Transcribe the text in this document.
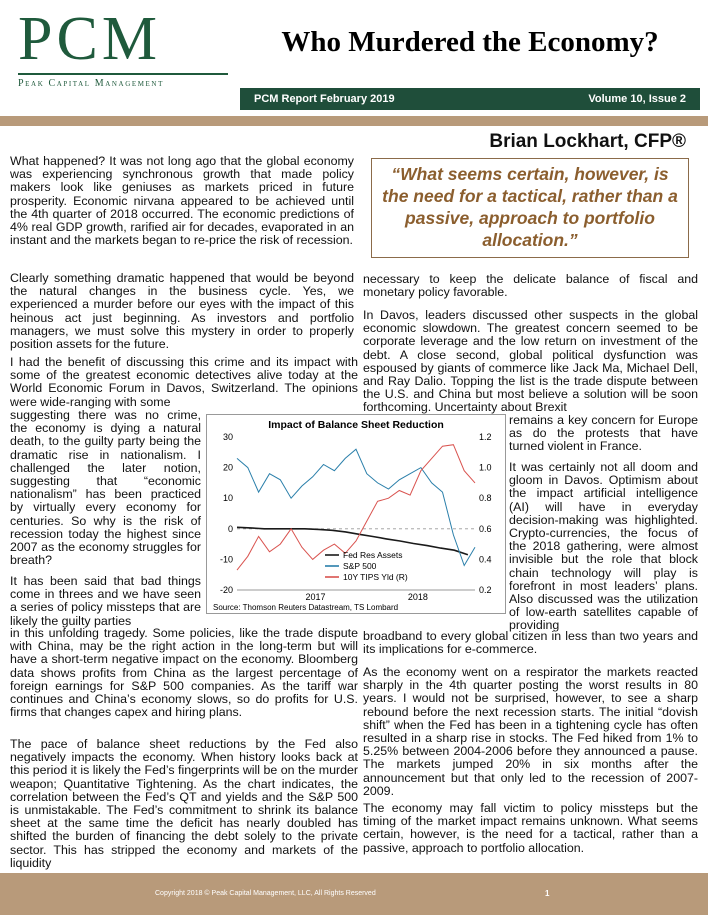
PCM
Peak Capital Management
Who Murdered the Economy?
PCM Report February 2019	Volume 10, Issue 2
Brian Lockhart, CFP®
“What seems certain, however, is the need for a tactical, rather than a passive, approach to portfolio allocation.”

What happened? It was not long ago that the global economy was experiencing synchronous growth that made policy makers look like geniuses as markets priced in future prosperity. Economic nirvana appeared to be achieved until the 4th quarter of 2018 occurred. The economic predictions of 4% real GDP growth, rarified air for decades, evaporated in an instant and the markets began to re-price the risk of recession.

Clearly something dramatic happened that would be beyond the natural changes in the business cycle. Yes, we experienced a murder before our eyes with the impact of this heinous act just beginning. As investors and portfolio managers, we must solve this mystery in order to properly position assets for the future.

I had the benefit of discussing this crime and its impact with some of the greatest economic detectives alive today at the World Economic Forum in Davos, Switzerland. The opinions were wide-ranging with some

suggesting there was no crime, the economy is dying a natural death, to the guilty party being the dramatic rise in nationalism. I challenged the later notion, suggesting that “economic nationalism” has been practiced by virtually every economy for centuries. So why is the risk of recession today the highest since 2007 as the economy struggles for breath?

It has been said that bad things come in threes and we have seen a series of policy missteps that are likely the guilty parties

in this unfolding tragedy. Some policies, like the trade dispute with China, may be the right action in the long-term but will have a short-term negative impact on the economy. Bloomberg data shows profits from China as the largest percentage of foreign earnings for S&P 500 companies. As the tariff war continues and China’s economy slows, so do profits for U.S. firms that changes capex and hiring plans.

The pace of balance sheet reductions by the Fed also negatively impacts the economy. When history looks back at this period it is likely the Fed’s fingerprints will be on the murder weapon; Quantitative Tightening. As the chart indicates, the correlation between the Fed’s QT and yields and the S&P 500 is unmistakable. The Fed’s commitment to shrink its balance sheet at the same time the deficit has nearly doubled has shifted the burden of financing the debt solely to the private sector. This has stripped the economy and markets of the liquidity

necessary to keep the delicate balance of fiscal and monetary policy favorable.

In Davos, leaders discussed other suspects in the global economic slowdown. The greatest concern seemed to be corporate leverage and the low return on investment of the debt. A close second, global political dysfunction was espoused by giants of commerce like Jack Ma, Michael Dell, and Ray Dalio. Topping the list is the trade dispute between the U.S. and China but most believe a solution will be soon forthcoming. Uncertainty about Brexit

remains a key concern for Europe as do the protests that have turned violent in France.

It was certainly not all doom and gloom in Davos. Optimism about the impact artificial intelligence (AI) will have in everyday decision-making was highlighted. Crypto-currencies, the focus of the 2018 gathering, were almost invisible but the role that block chain technology will play is forefront in most leaders’ plans. Also discussed was the utilization of low-earth satellites capable of providing

broadband to every global citizen in less than two years and its implications for e-commerce.

As the economy went on a respirator the markets reacted sharply in the 4th quarter posting the worst results in 80 years. I would not be surprised, however, to see a sharp rebound before the next recession starts. The initial “dovish shift” when the Fed has been in a tightening cycle has often resulted in a sharp rise in stocks. The Fed hiked from 1% to 5.25% between 2004-2006 before they announced a pause. The markets jumped 20% in six months after the announcement but that only led to the recession of 2007-2009.

The economy may fall victim to policy missteps but the timing of the market impact remains unknown. What seems certain, however, is the need for a tactical, rather than a passive, approach to portfolio allocation.

Impact of Balance Sheet Reduction
Source: Thomson Reuters Datastream, TS Lombard
30
20
10
0
-10
-20
1.2
1.0
0.8
0.6
0.4
0.2
2017	2018
Fed Res Assets
S&P 500
10Y TIPS Yld (R)
Copyright 2018 © Peak Capital Management, LLC, All Rights Reserved	1
